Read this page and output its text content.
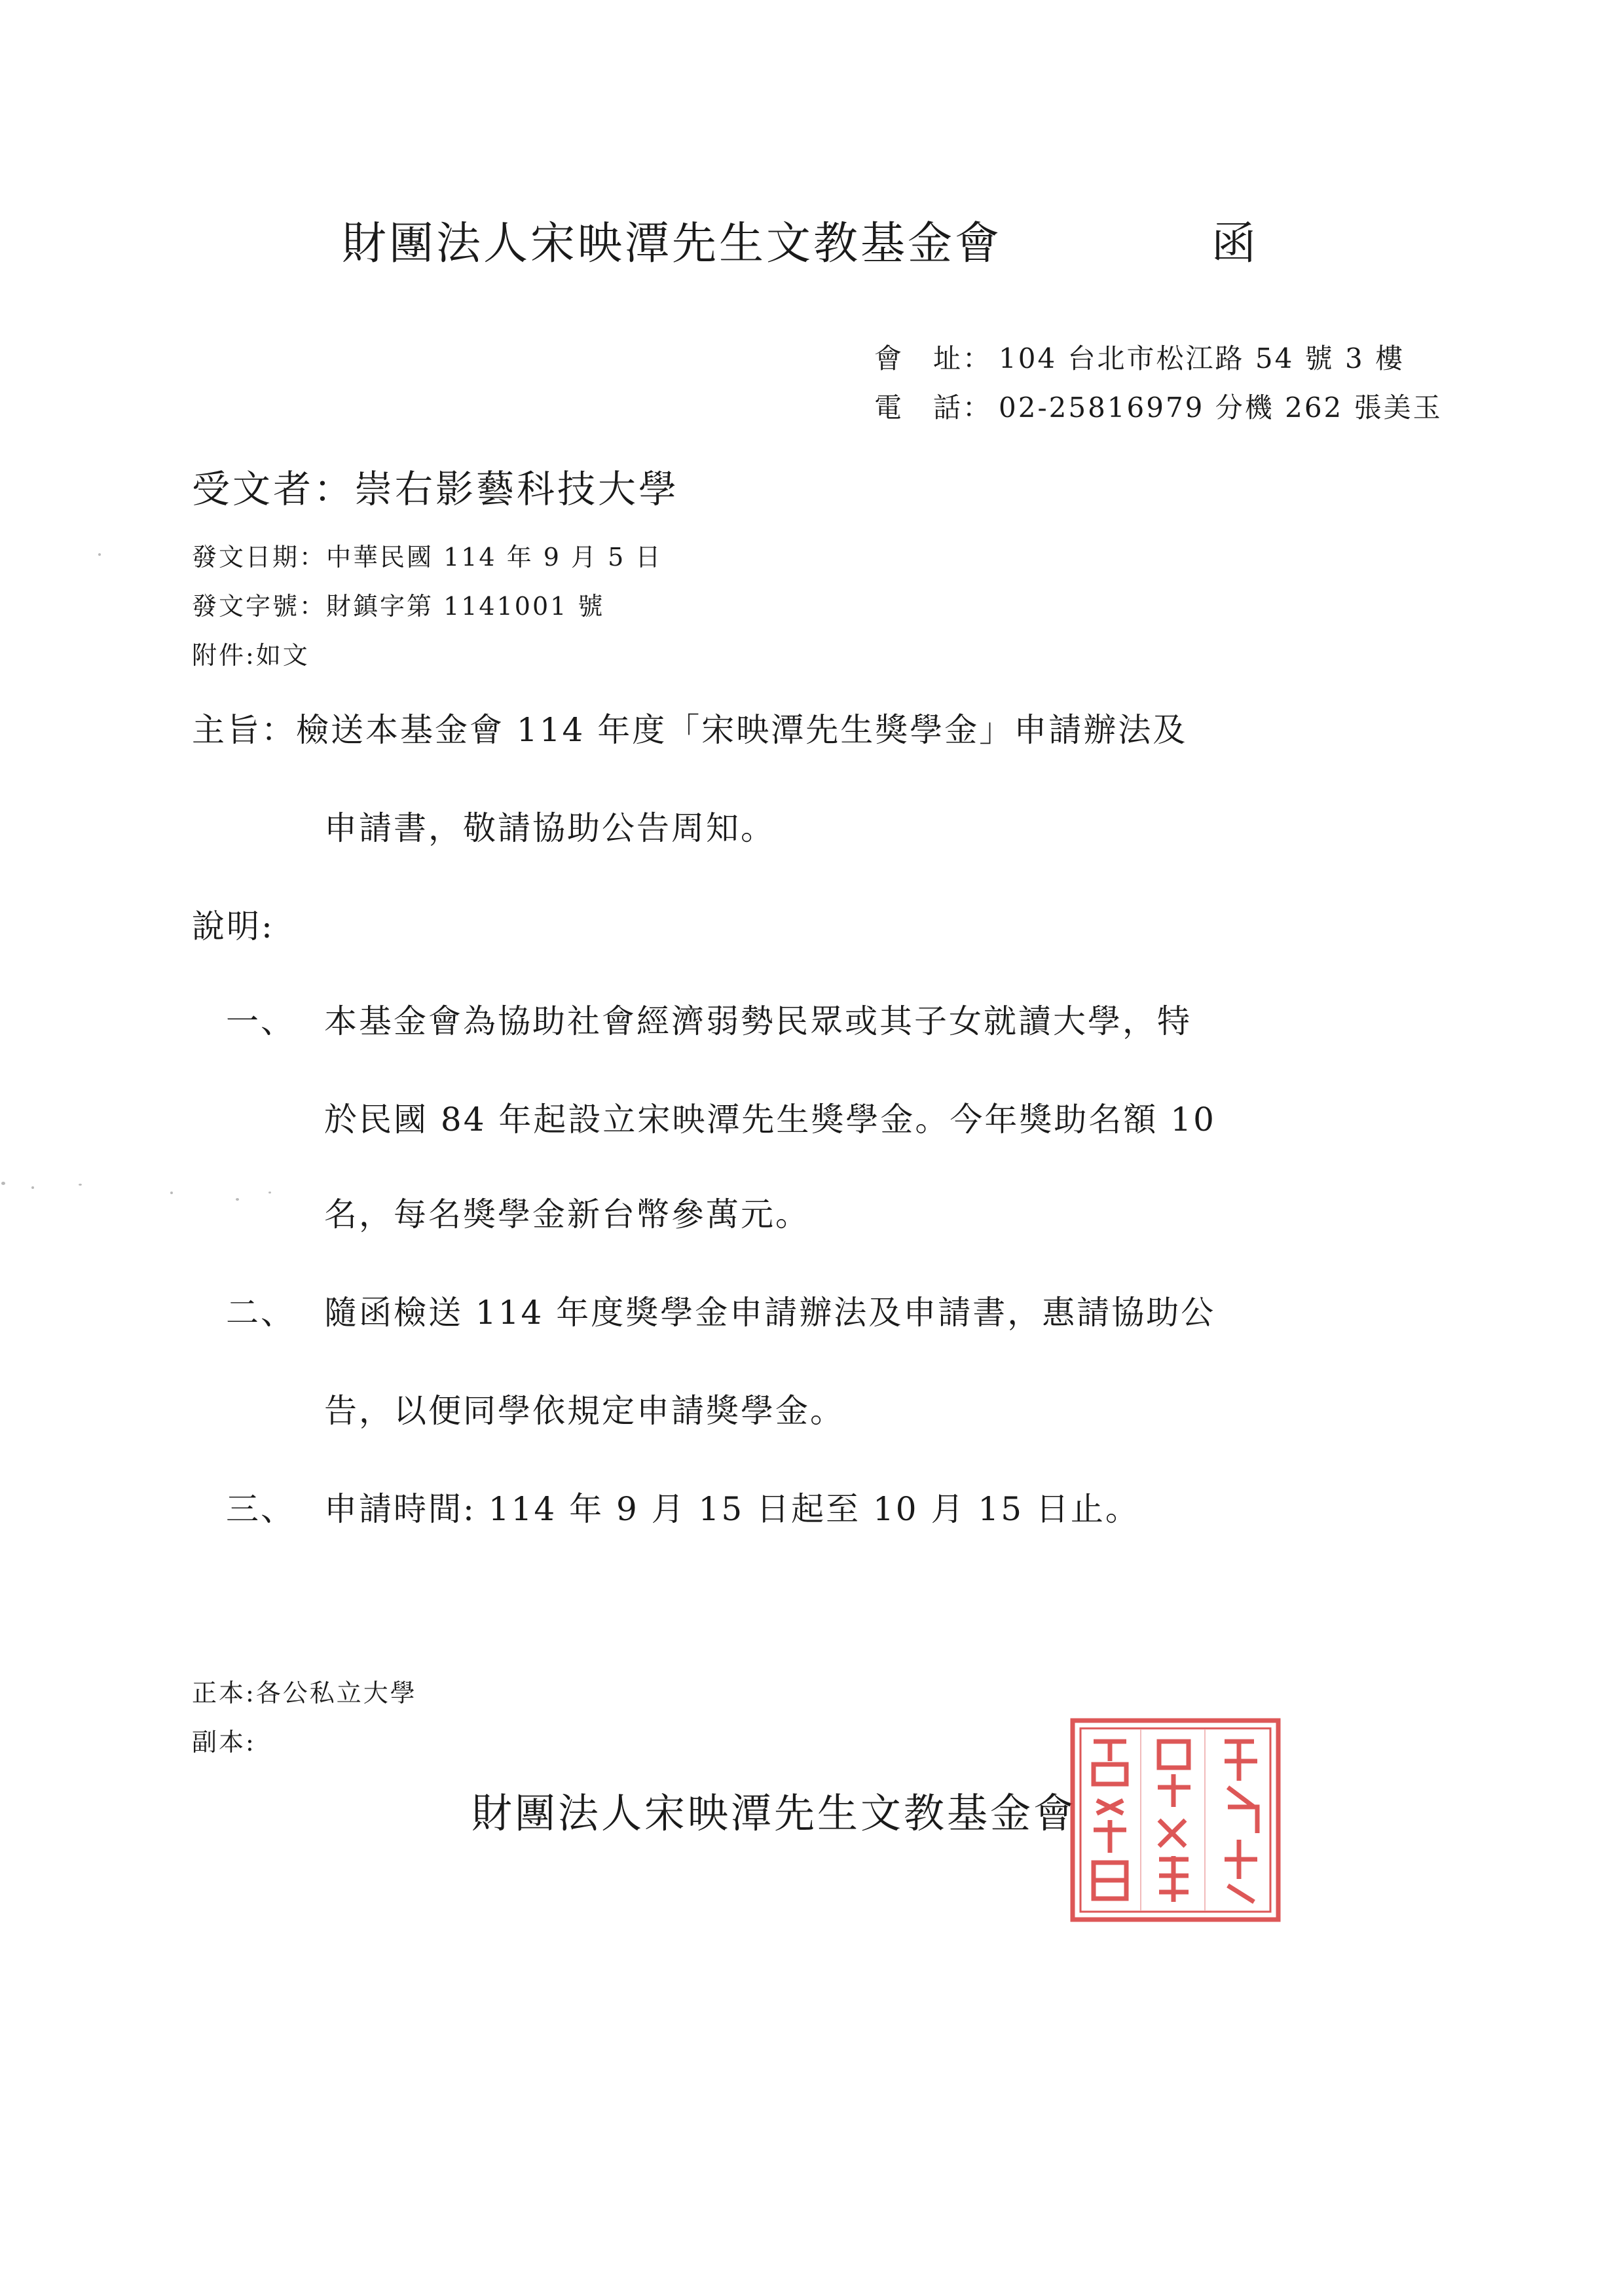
財團法人宋映潭先生文教基金會	函
會　址： 104 台北市松江路 54 號 3 樓
電　話： 02-25816979 分機 262 張美玉
受文者：崇右影藝科技大學
發文日期：中華民國 114 年 9 月 5 日
發文字號：財鎮字第 1141001 號
附件:如文
主旨：檢送本基金會 114 年度「宋映潭先生獎學金」申請辦法及
申請書，敬請協助公告周知。
說明:
一、 本基金會為協助社會經濟弱勢民眾或其子女就讀大學，特
於民國 84 年起設立宋映潭先生獎學金。今年獎助名額 10
名，每名獎學金新台幣參萬元。
二、 隨函檢送 114 年度獎學金申請辦法及申請書，惠請協助公
告，以便同學依規定申請獎學金。
三、 申請時間: 114 年 9 月 15 日起至 10 月 15 日止。
正本:各公私立大學
副本:
財團法人宋映潭先生文教基金會
